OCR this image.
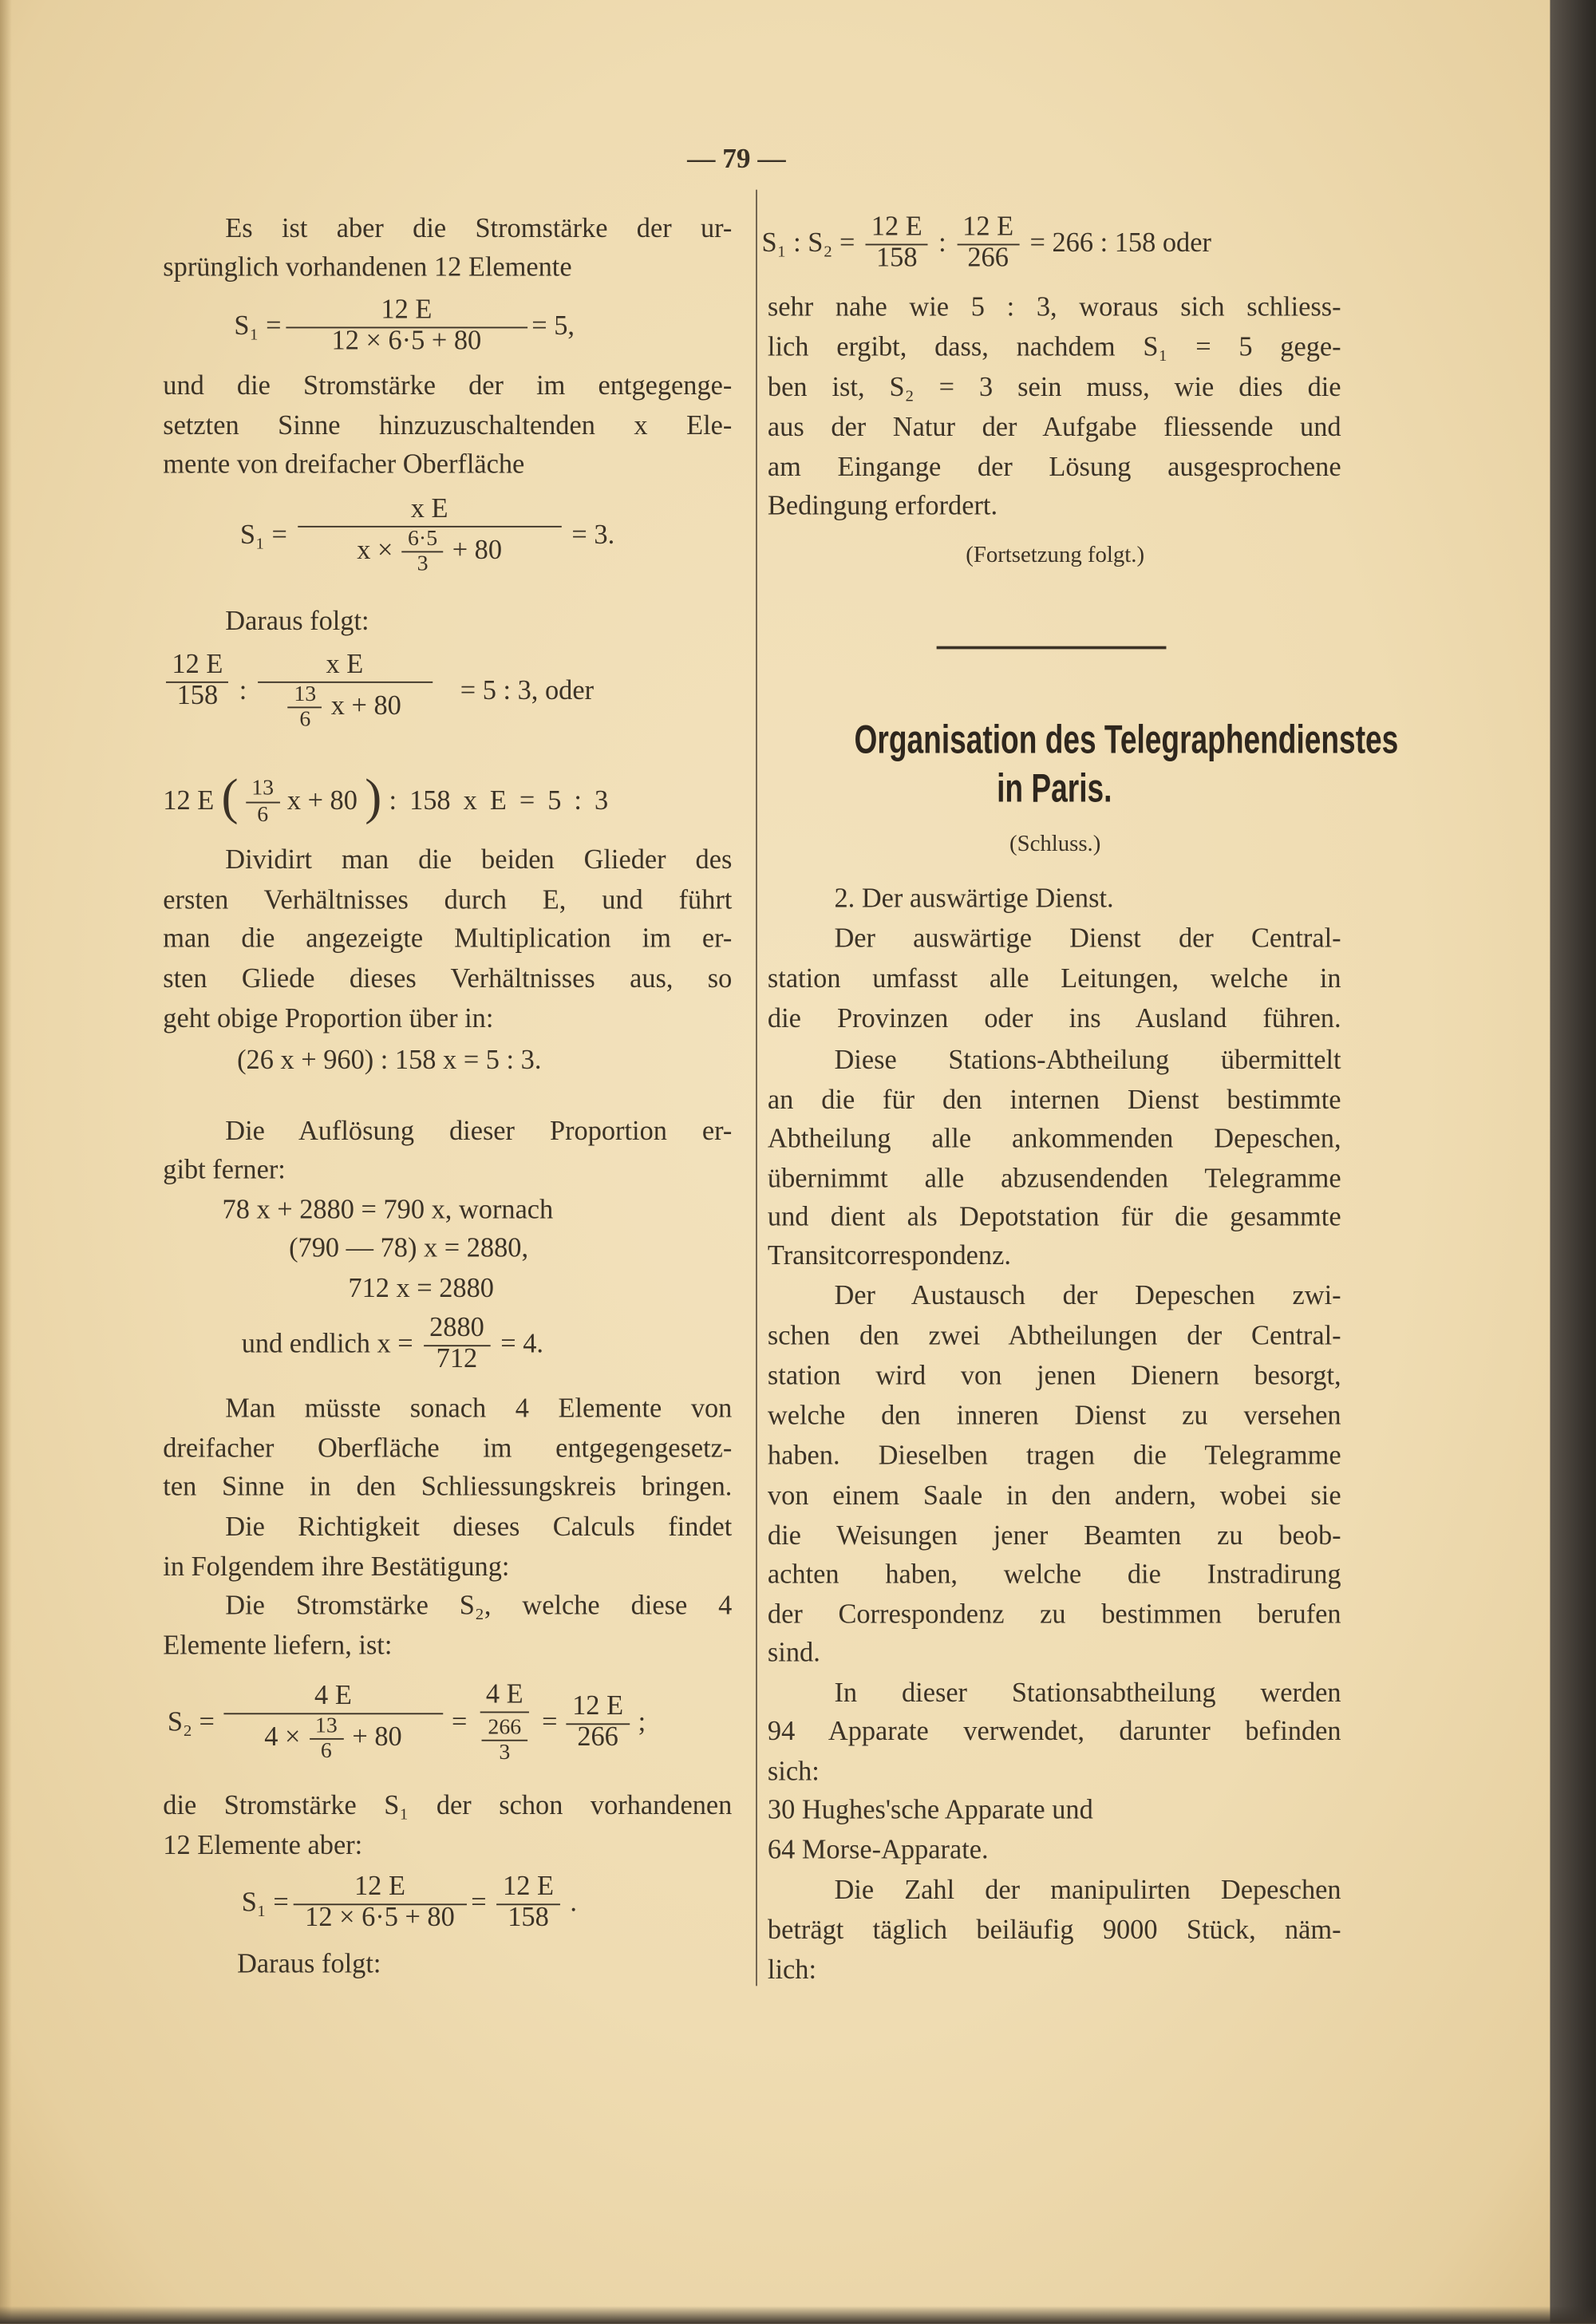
— 79 —
Es ist aber die Stromstärke der ur-
sprünglich vorhandenen 12 Elemente
und die Stromstärke der im entgegenge-
setzten Sinne hinzuzuschaltenden x Ele-
mente von dreifacher Oberfläche
Daraus folgt:
Dividirt man die beiden Glieder des
ersten Verhältnisses durch E, und führt
man die angezeigte Multiplication im er-
sten Gliede dieses Verhältnisses aus, so
geht obige Proportion über in:
(26 x + 960) : 158 x = 5 : 3.
Die Auflösung dieser Proportion er-
gibt ferner:
78 x + 2880 = 790 x, wornach
(790 — 78) x = 2880,
712 x = 2880
Man müsste sonach 4 Elemente von
dreifacher Oberfläche im entgegengesetz-
ten Sinne in den Schliessungskreis bringen.
Die Richtigkeit dieses Calculs findet
in Folgendem ihre Bestätigung:
Die Stromstärke S₂, welche diese 4
Elemente liefern, ist:
die Stromstärke S₁ der schon vorhandenen
12 Elemente aber:
Daraus folgt:
sehr nahe wie 5 : 3, woraus sich schliess-
lich ergibt, dass, nachdem S₁ = 5 gege-
ben ist, S₂ = 3 sein muss, wie dies die
aus der Natur der Aufgabe fliessende und
am Eingange der Lösung ausgesprochene
Bedingung erfordert.
2. Der auswärtige Dienst.
Der auswärtige Dienst der Central-
station umfasst alle Leitungen, welche in
die Provinzen oder ins Ausland führen.
Diese Stations-Abtheilung übermittelt
an die für den internen Dienst bestimmte
Abtheilung alle ankommenden Depeschen,
übernimmt alle abzusendenden Telegramme
und dient als Depotstation für die gesammte
Transitcorrespondenz.
Der Austausch der Depeschen zwi-
schen den zwei Abtheilungen der Central-
station wird von jenen Dienern besorgt,
welche den inneren Dienst zu versehen
haben. Dieselben tragen die Telegramme
von einem Saale in den andern, wobei sie
die Weisungen jener Beamten zu beob-
achten haben, welche die Instradirung
der Correspondenz zu bestimmen berufen
sind.
In dieser Stationsabtheilung werden
94 Apparate verwendet, darunter befinden
sich:
30 Hughes'sche Apparate und
64 Morse-Apparate.
Die Zahl der manipulirten Depeschen
beträgt täglich beiläufig 9000 Stück, näm-
lich:
$S_1 = \frac{12 E}{12 \times 6\cdot 5 + 80} = 5$,
$S_1 = \frac{\text{x E}}{x \times \frac{6\cdot 5}{3} + 80} = 3$.
$\frac{12 E}{158}$ : $\frac{\text{x E}}{\frac{13}{6} x + 80} = 5$ : 3, oder
12 E ( $\frac{13}{6}$ x + 80 ) : 158 x E = 5 : 3
und endlich $x = \frac{2880}{712} = 4$.
$S_2 = \frac{4 E}{4 \times \frac{13}{6} + 80} = \frac{4 E}{\frac{266}{3}} = \frac{12 E}{266}$ ;
$S_1 = \frac{12 E}{12 \times 6\cdot 5 + 80} = \frac{12 E}{158}$ .
S₁ : $S_2 = \frac{12 E}{158}$ : $\frac{12 E}{266} = 266$ : 158 oder
(Fortsetzung folgt.)
Organisation des Telegraphendienstes
in Paris.
(Schluss.)
